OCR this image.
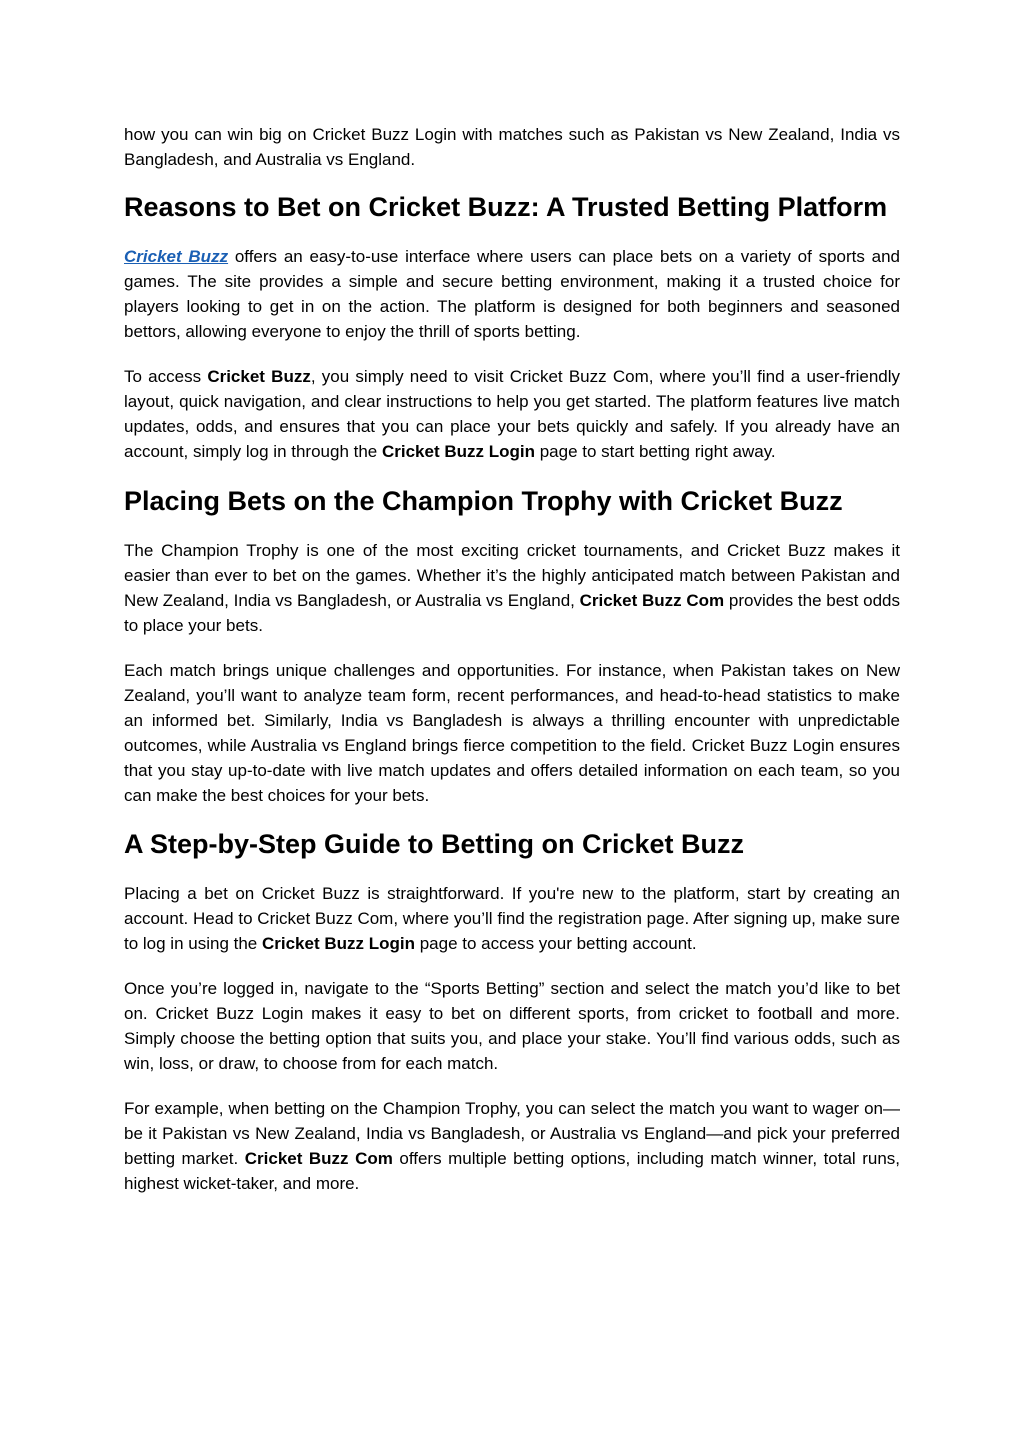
how you can win big on Cricket Buzz Login with matches such as Pakistan vs New Zealand, India vs Bangladesh, and Australia vs England.

Reasons to Bet on Cricket Buzz: A Trusted Betting Platform

Cricket Buzz offers an easy-to-use interface where users can place bets on a variety of sports and games. The site provides a simple and secure betting environment, making it a trusted choice for players looking to get in on the action. The platform is designed for both beginners and seasoned bettors, allowing everyone to enjoy the thrill of sports betting.

To access Cricket Buzz, you simply need to visit Cricket Buzz Com, where you’ll find a user-friendly layout, quick navigation, and clear instructions to help you get started. The platform features live match updates, odds, and ensures that you can place your bets quickly and safely. If you already have an account, simply log in through the Cricket Buzz Login page to start betting right away.

Placing Bets on the Champion Trophy with Cricket Buzz

The Champion Trophy is one of the most exciting cricket tournaments, and Cricket Buzz makes it easier than ever to bet on the games. Whether it’s the highly anticipated match between Pakistan and New Zealand, India vs Bangladesh, or Australia vs England, Cricket Buzz Com provides the best odds to place your bets.

Each match brings unique challenges and opportunities. For instance, when Pakistan takes on New Zealand, you’ll want to analyze team form, recent performances, and head-to-head statistics to make an informed bet. Similarly, India vs Bangladesh is always a thrilling encounter with unpredictable outcomes, while Australia vs England brings fierce competition to the field. Cricket Buzz Login ensures that you stay up-to-date with live match updates and offers detailed information on each team, so you can make the best choices for your bets.

A Step-by-Step Guide to Betting on Cricket Buzz

Placing a bet on Cricket Buzz is straightforward. If you're new to the platform, start by creating an account. Head to Cricket Buzz Com, where you’ll find the registration page. After signing up, make sure to log in using the Cricket Buzz Login page to access your betting account.

Once you’re logged in, navigate to the “Sports Betting” section and select the match you’d like to bet on. Cricket Buzz Login makes it easy to bet on different sports, from cricket to football and more. Simply choose the betting option that suits you, and place your stake. You’ll find various odds, such as win, loss, or draw, to choose from for each match.

For example, when betting on the Champion Trophy, you can select the match you want to wager on—be it Pakistan vs New Zealand, India vs Bangladesh, or Australia vs England—and pick your preferred betting market. Cricket Buzz Com offers multiple betting options, including match winner, total runs, highest wicket-taker, and more.
